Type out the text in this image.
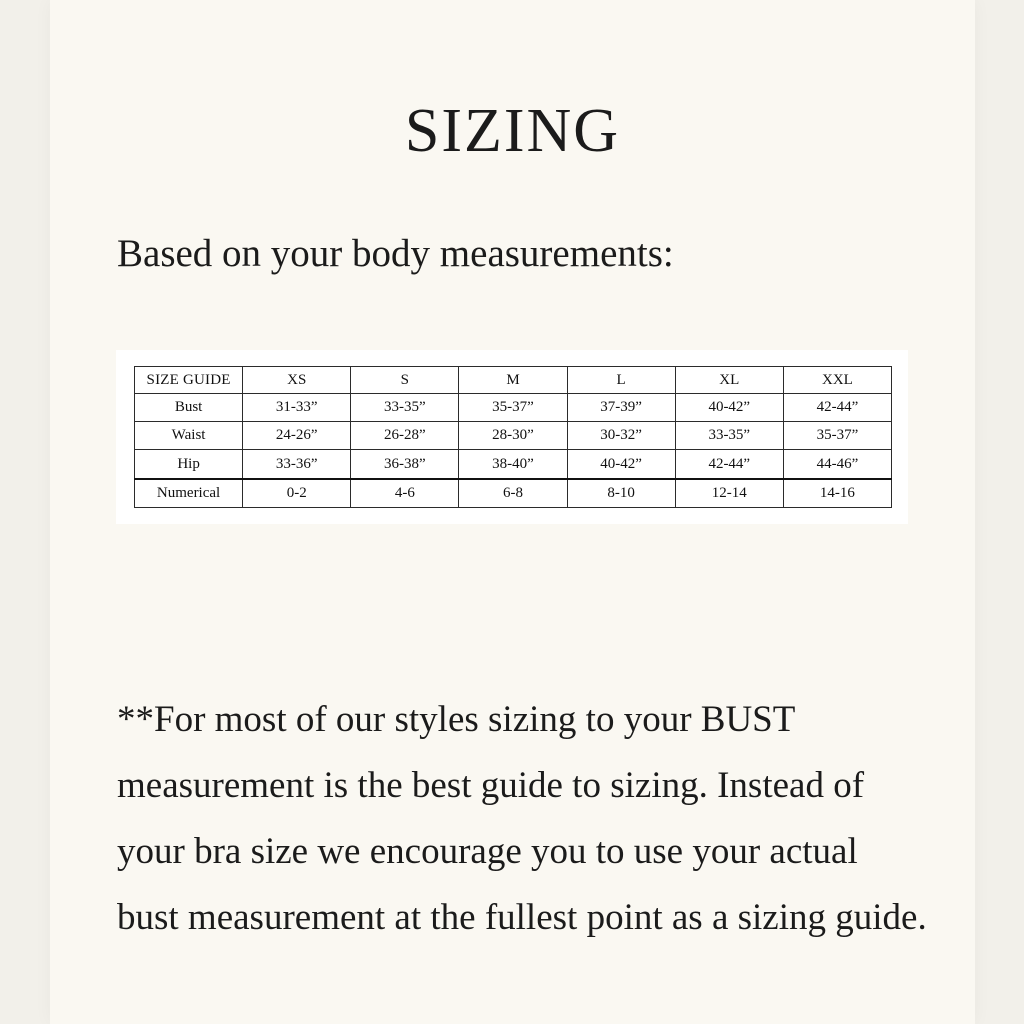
SIZING
Based on your body measurements:
SIZE GUIDE	XS	S	M	L	XL	XXL
Bust	31-33”	33-35”	35-37”	37-39”	40-42”	42-44”
Waist	24-26”	26-28”	28-30”	30-32”	33-35”	35-37”
Hip	33-36”	36-38”	38-40”	40-42”	42-44”	44-46”
Numerical	0-2	4-6	6-8	8-10	12-14	14-16

**For most of our styles sizing to your BUST measurement is the best guide to sizing. Instead of your bra size we encourage you to use your actual bust measurement at the fullest point as a sizing guide.
